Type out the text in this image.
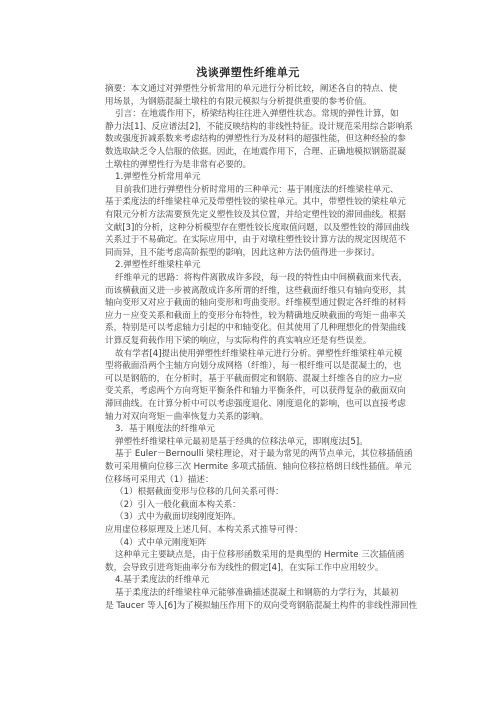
浅谈弹塑性纤维单元
摘要：本文通过对弹塑性分析常用的单元进行分析比较，阐述各自的特点、使
用场景，为钢筋混凝土墩柱的有限元模拟与分析提供重要的参考价值。
引言：在地震作用下，桥梁结构往往进入弹塑性状态。常规的弹性计算，如
静力法[1]、反应谱法[2]，不能反映结构的非线性特征。设计规范采用综合影响系
数或强度折减系数来考虑结构的弹塑性行为及材料的超强性能，但这种经验的参
数选取缺乏令人信服的依据。因此，在地震作用下，合理、正确地模拟钢筋混凝
土墩柱的弹塑性行为是非常有必要的。
1.弹塑性分析常用单元
目前我们进行弹塑性分析时常用的三种单元：基于刚度法的纤维梁柱单元、
基于柔度法的纤维梁柱单元及带塑性铰的梁柱单元。其中，带塑性铰的梁柱单元
有限元分析方法需要预先定义塑性铰及其位置，并给定塑性铰的滞回曲线。根据
文献[3]的分析，这种分析模型存在塑性铰长度取值问题，以及塑性铰的滞回曲线
关系过于不易确定。在实际应用中，由于对墩柱塑性铰计算方法的规定因规范不
同而异，且不能考虑高阶振型的影响，因此这种方法仍值得进一步探讨。
2.弹塑性纤维梁柱单元
纤维单元的思路：将构件离散成许多段，每一段的特性由中间横截面来代表，
而该横截面又进一步被离散成许多所谓的纤维，这些截面纤维只有轴向变形，其
轴向变形又对应于截面的轴向变形和弯曲变形。纤维模型通过假定各纤维的材料
应力－应变关系和截面上的变形分布特性，较为精确地反映截面的弯矩－曲率关
系，特别是可以考虑轴力引起的中和轴变化。但其使用了几种理想化的骨架曲线
计算反复荷载作用下梁的响应，与实际构件的真实响应还是有些误差。
故有学者[4]提出使用弹塑性纤维梁柱单元进行分析。弹塑性纤维梁柱单元模
型将截面沿两个主轴方向划分成网格（纤维），每一根纤维可以是混凝土的，也
可以是钢筋的，在分析时，基于平截面假定和钢筋、混凝土纤维各自的应力─应
变关系，考虑两个方向弯矩平衡条件和轴力平衡条件，可以获得复杂的截面双向
滞回曲线。在计算分析中可以考虑强度退化、刚度退化的影响，也可以直接考虑
轴力对双向弯矩－曲率恢复力关系的影响。
3．基于刚度法的纤维单元
弹塑性纤维梁柱单元最初是基于经典的位移法单元，即刚度法[5]。
基于 Euler－Bernoulli 梁柱理论，对于最为常见的两节点单元，其位移插值函
数可采用横向位移三次 Hermite 多项式插值、轴向位移拉格朗日线性插值。单元
位移场可采用式（1）描述：
（1）根据截面变形与位移的几何关系可得：
（2）引入一般化截面本构关系：
（3）式中为截面切线刚度矩阵。
应用虚位移原理及上述几何、本构关系式推导可得：
（4）式中单元刚度矩阵
这种单元主要缺点是，由于位移形函数采用的是典型的 Hermite 三次插值函
数，会导致引进弯矩曲率分布为线性的假定[4]，在实际工作中应用较少。
4.基于柔度法的纤维单元
基于柔度法的纤维梁柱单元能够准确描述混凝土和钢筋的力学行为，其最初
是 Taucer 等人[6]为了模拟轴压作用下的双向受弯钢筋混凝土构件的非线性滞回性
